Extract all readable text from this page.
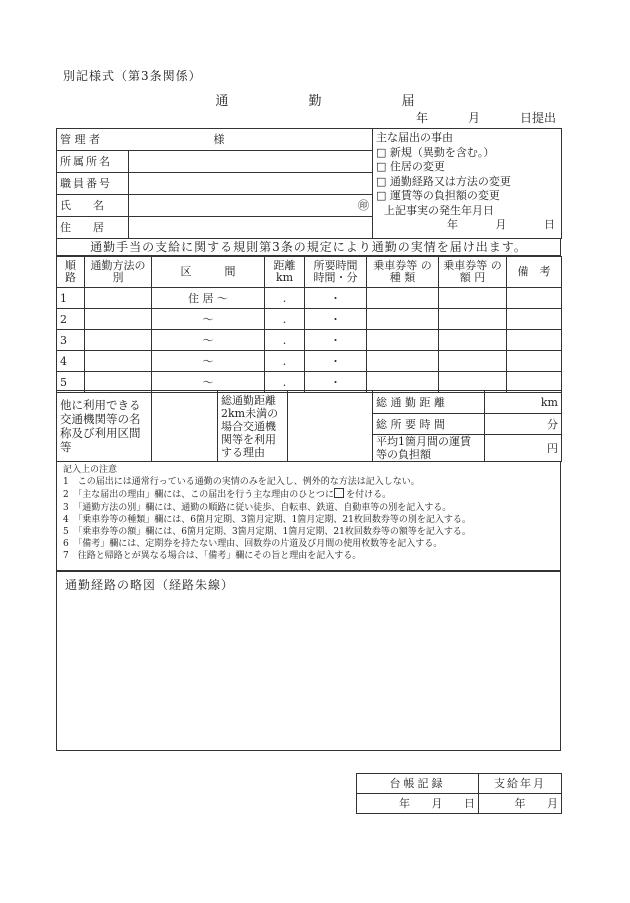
別記様式（第3条関係）
通	勤	届
年	月	日提出
管 理 者 様		
所属所名		
職員番号		
氏　　名	㊞	
住　　居		
主な届出の事由
□ 新規（異動を含む。）
□ 住居の変更
□ 通勤経路又は方法の変更
□ 運賃等の負担額の変更
上記事実の発生年月日
年	月	日
通勤手当の支給に関する規則第3条の規定により通勤の実情を届け出ます。
順路	通勤方法の　別	区　　　間	距離 km	所要時間 時間・分	乗車券等 の 種 類	乗車券等 の額 円	備　考
1		住 居 〜	.	・			
2		〜	.	・			
3		〜	.	・			
4		〜	.	・			
5		〜	.	・			
他に利用できる交通機関等の名称及び利用区間等		総通勤距離2km未満の場合交通機関等を利用する理由		総 通 勤 距 離	km
				総 所 要 時 間	分
				平均1箇月間の運賃等の負担額	円
記入上の注意
1　この届出には通常行っている通勤の実情のみを記入し、例外的な方法は記入しない。
2　「主な届出の理由」欄には、この届出を行う主な理由のひとつに を付ける。
3　「通勤方法の別」欄には、通勤の順路に従い徒歩、自転車、鉄道、自動車等の別を記入する。
4　「乗車券等の種類」欄には、6箇月定期、3箇月定期、1箇月定期、21枚回数券等の別を記入する。
5　「乗車券等の額」欄には、6箇月定期、3箇月定期、1箇月定期、21枚回数券等の額等を記入する。
6　「備考」欄には、定期券を持たない理由、回数券の片道及び月間の使用枚数等を記入する。
7　往路と帰路とが異なる場合は、「備考」欄にその旨と理由を記入する。
通勤経路の略図（経路朱線）
台帳記録	支給年月
年 月 日	年 月
